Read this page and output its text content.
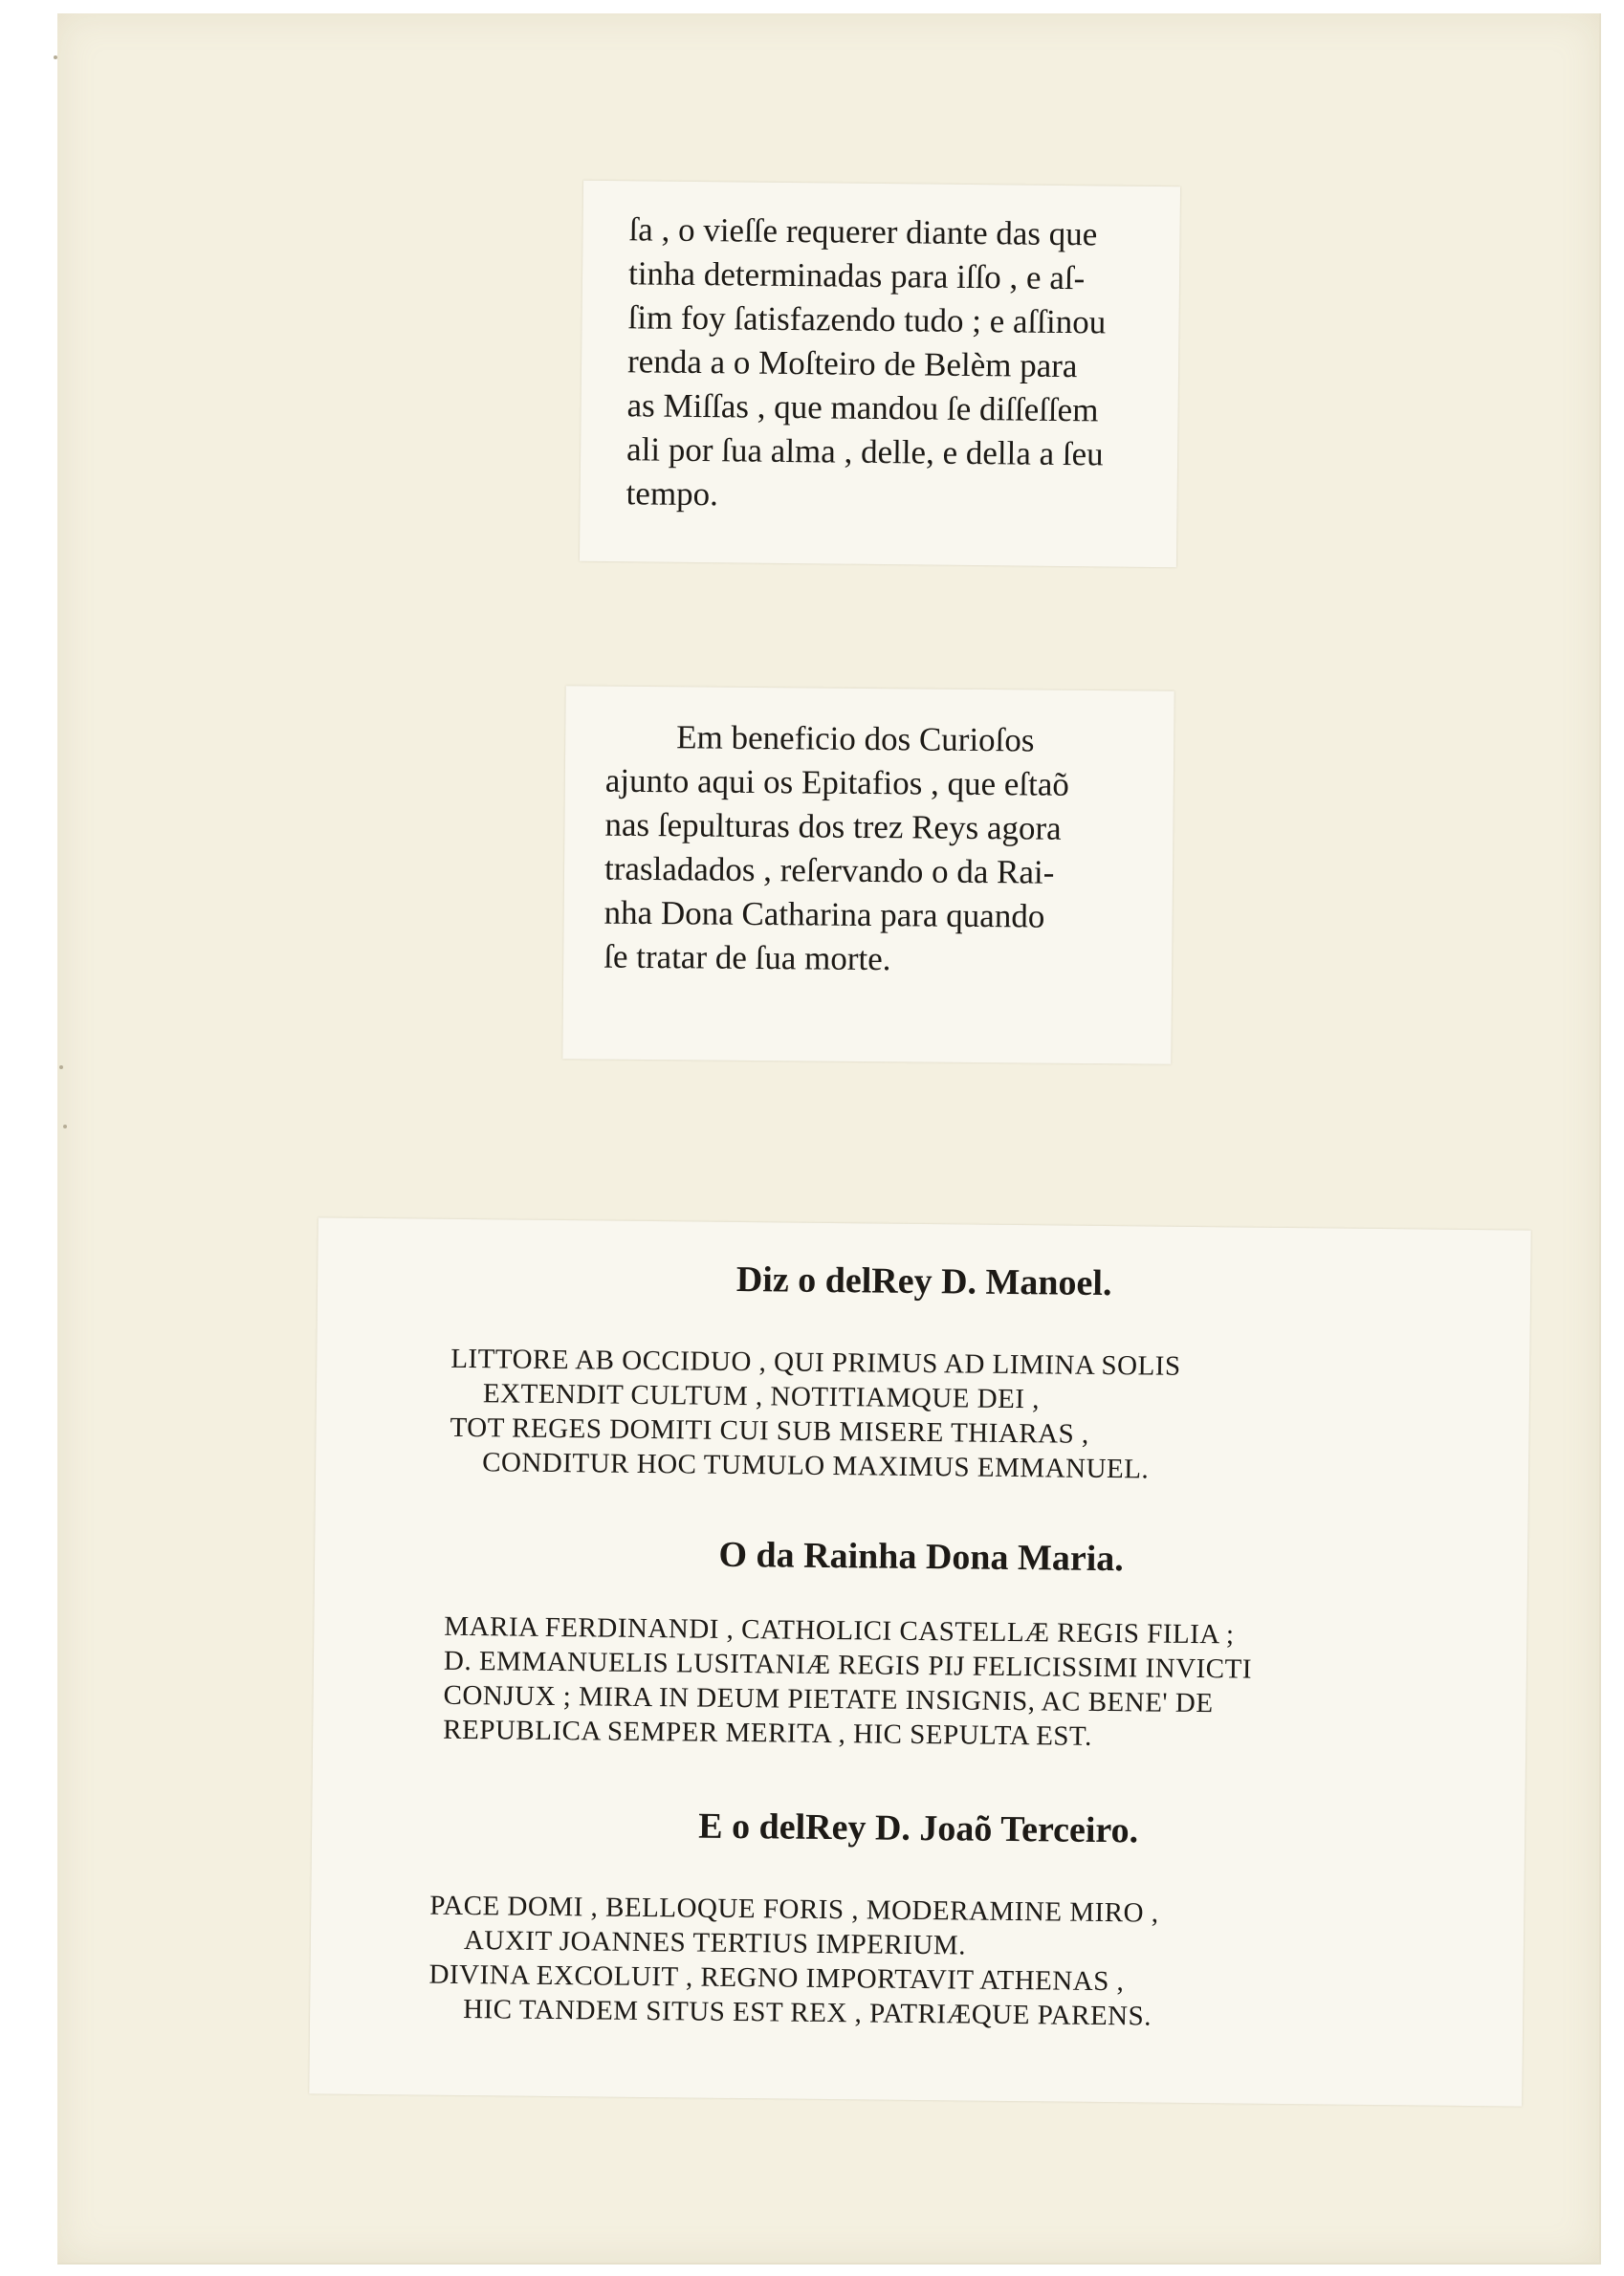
ſa , o vieſſe requerer diante das que
tinha determinadas para iſſo , e aſ-
ſim foy ſatisfazendo tudo ; e aſſinou
renda a o Moſteiro de Belèm para
as Miſſas , que mandou ſe diſſeſſem
ali por ſua alma , delle, e della a ſeu
tempo.

Em beneficio dos Curioſos
ajunto aqui os Epitafios , que eſtaõ
nas ſepulturas dos trez Reys agora
trasladados , reſervando o da Rai-
nha Dona Catharina para quando
ſe tratar de ſua morte.

Diz o delRey D. Manoel.

LITTORE AB OCCIDUO , QUI PRIMUS AD LIMINA SOLIS
EXTENDIT CULTUM , NOTITIAMQUE DEI ,
TOT REGES DOMITI CUI SUB MISERE THIARAS ,
CONDITUR HOC TUMULO MAXIMUS EMMANUEL.

O da Rainha Dona Maria.

MARIA FERDINANDI , CATHOLICI CASTELLÆ REGIS FILIA ;
D. EMMANUELIS LUSITANIÆ REGIS PIJ FELICISSIMI INVICTI
CONJUX ; MIRA IN DEUM PIETATE INSIGNIS, AC BENE' DE
REPUBLICA SEMPER MERITA , HIC SEPULTA EST.

E o delRey D. Joaõ Terceiro.

PACE DOMI , BELLOQUE FORIS , MODERAMINE MIRO ,
AUXIT JOANNES TERTIUS IMPERIUM.
DIVINA EXCOLUIT , REGNO IMPORTAVIT ATHENAS ,
HIC TANDEM SITUS EST REX , PATRIÆQUE PARENS.
